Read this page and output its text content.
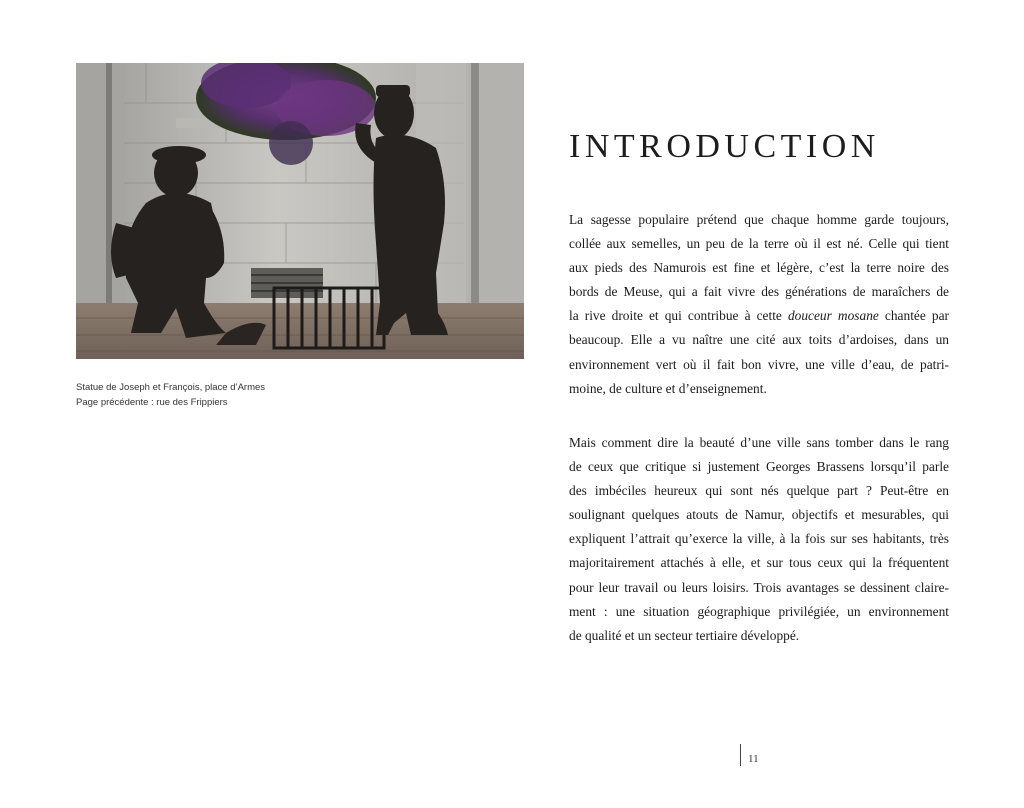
Statue de Joseph et François, place d’Armes
Page précédente : rue des Frippiers
INTRODUCTION
La sagesse populaire prétend que chaque homme garde toujours,
collée aux semelles, un peu de la terre où il est né. Celle qui tient
aux pieds des Namurois est fine et légère, c’est la terre noire des
bords de Meuse, qui a fait vivre des générations de maraîchers de
la rive droite et qui contribue à cette douceur mosane chantée par
beaucoup. Elle a vu naître une cité aux toits d’ardoises, dans un
environnement vert où il fait bon vivre, une ville d’eau, de patri-
moine, de culture et d’enseignement.
Mais comment dire la beauté d’une ville sans tomber dans le rang
de ceux que critique si justement Georges Brassens lorsqu’il parle
des imbéciles heureux qui sont nés quelque part ? Peut-être en
soulignant quelques atouts de Namur, objectifs et mesurables, qui
expliquent l’attrait qu’exerce la ville, à la fois sur ses habitants, très
majoritairement attachés à elle, et sur tous ceux qui la fréquentent
pour leur travail ou leurs loisirs. Trois avantages se dessinent claire-
ment : une situation géographique privilégiée, un environnement
de qualité et un secteur tertiaire développé.
11
